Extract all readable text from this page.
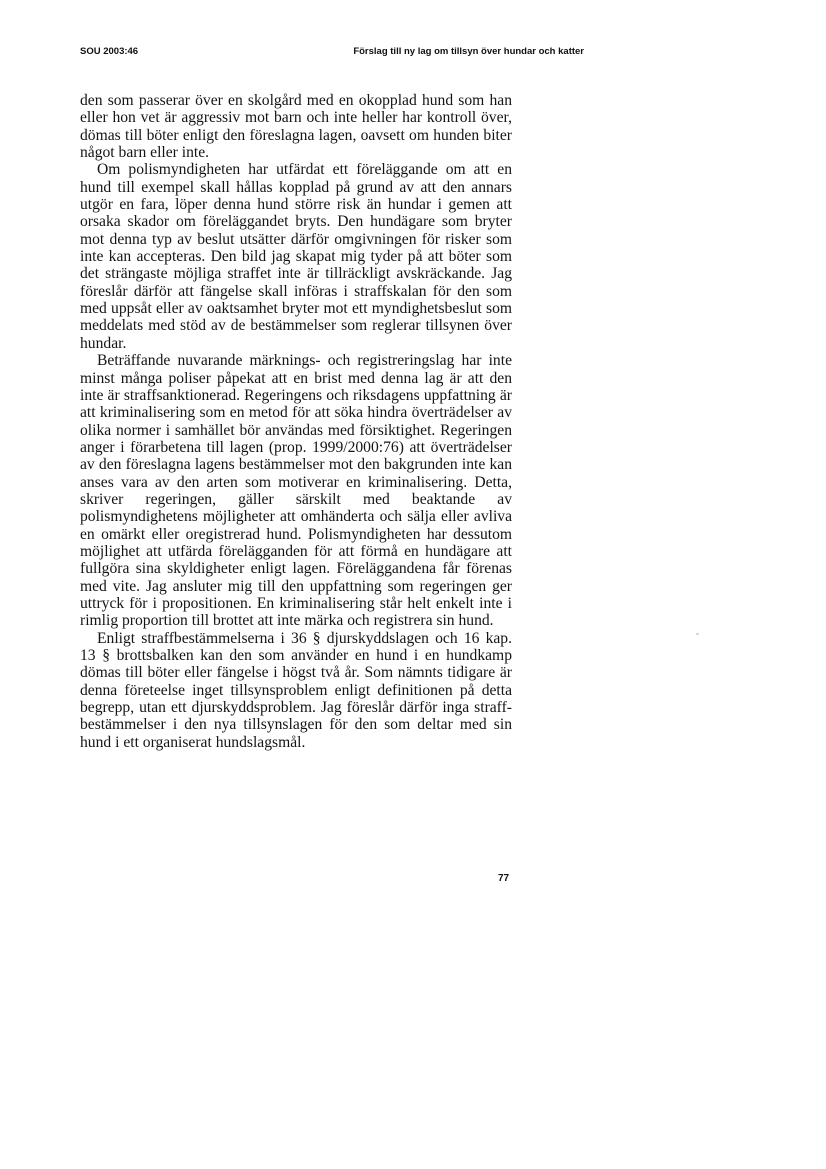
SOU 2003:46	Förslag till ny lag om tillsyn över hundar och katter

den som passerar över en skolgård med en okopplad hund som han eller hon vet är aggressiv mot barn och inte heller har kontroll över, dömas till böter enligt den föreslagna lagen, oavsett om hunden biter något barn eller inte.

Om polismyndigheten har utfärdat ett föreläggande om att en hund till exempel skall hållas kopplad på grund av att den annars utgör en fara, löper denna hund större risk än hundar i gemen att orsaka skador om föreläggandet bryts. Den hundägare som bryter mot denna typ av beslut utsätter därför omgivningen för risker som inte kan accepteras. Den bild jag skapat mig tyder på att böter som det strängaste möjliga straffet inte är tillräckligt avskräckande. Jag föreslår därför att fängelse skall införas i straffskalan för den som med uppsåt eller av oaktsamhet bryter mot ett myndighetsbeslut som meddelats med stöd av de bestämmelser som reglerar tillsynen över hundar.

Beträffande nuvarande märknings- och registreringslag har inte minst många poliser påpekat att en brist med denna lag är att den inte är straffsanktionerad. Regeringens och riksdagens uppfattning är att kriminalisering som en metod för att söka hindra överträdelser av olika normer i samhället bör användas med försiktighet. Regeringen anger i förarbetena till lagen (prop. 1999/2000:76) att överträdelser av den föreslagna lagens bestämmelser mot den bakgrunden inte kan anses vara av den arten som motiverar en kriminalisering. Detta, skriver regeringen, gäller särskilt med beaktande av polismyndighetens möjligheter att omhänderta och sälja eller avliva en omärkt eller oregistrerad hund. Polismyndigheten har dessutom möjlighet att utfärda förelägganden för att förmå en hundägare att fullgöra sina skyldigheter enligt lagen. Föreläggandena får förenas med vite. Jag ansluter mig till den uppfattning som regeringen ger uttryck för i propositionen. En kriminalisering står helt enkelt inte i rimlig proportion till brottet att inte märka och registrera sin hund.

Enligt straffbestämmelserna i 36 § djurskyddslagen och 16 kap. 13 § brottsbalken kan den som använder en hund i en hundkamp dömas till böter eller fängelse i högst två år. Som nämnts tidigare är denna företeelse inget tillsynsproblem enligt definitionen på detta begrepp, utan ett djurskyddsproblem. Jag föreslår därför inga straffbestämmelser i den nya tillsynslagen för den som deltar med sin hund i ett organiserat hundslagsmål.

77
